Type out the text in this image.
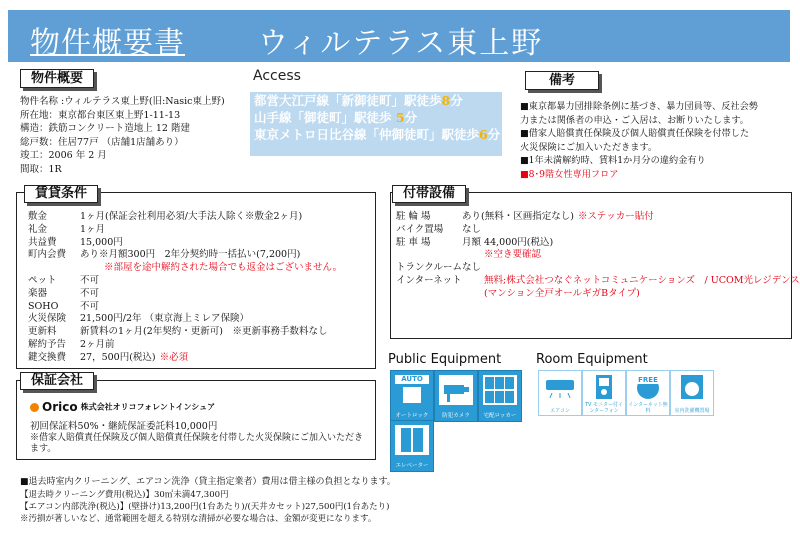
物件概要書 ウィルテラス東上野
物件概要
物件名称 :ウィルテラス東上野(旧:Nasic東上野)
所在地：東京都台東区東上野1-11-13
構造：鉄筋コンクリート造地上 12 階建
総戸数：住居77戸 （店舗1店舗あり）
竣工：2006 年 2 月
間取：1R
Access
都営大江戸線「新御徒町」駅徒歩8分
山手線「御徒町」駅徒歩 5分
東京メトロ日比谷線「仲御徒町」駅徒歩6分
備考
■東京都暴力団排除条例に基づき、暴力団員等、反社会勢
力または関係者の申込・ご入居は、お断りいたします。
■借家人賠償責任保険及び個人賠償責任保険を付帯した
火災保険にご加入いただきます。
■1年未満解約時、賃料1か月分の違約金有り
■8･9階女性専用フロア
賃貸条件
敷金	1ヶ月(保証会社利用必須/大手法人除く※敷金2ヶ月)
礼金	1ヶ月
共益費	15,000円
町内会費	あり※月額300円　2年分契約時一括払い(7,200円)
	※部屋を途中解約された場合でも返金はございません。
ペット	不可
楽器	不可
SOHO	不可
火災保険	21,500円/2年 （東京海上ミレア保険）
更新料	新賃料の1ヶ月(2年契約・更新可)　※更新事務手数料なし
解約予告	2ヶ月前
鍵交換費	27，500円(税込) ※必須
付帯設備
駐 輪 場	あり(無料・区画指定なし) ※ステッカー貼付
バイク置場	なし
駐 車 場	月額 44,000円(税込)
	※空き要確認
トランクルーム	なし
インターネット	無料;株式会社つなぐネットコミュニケーションズ　/ UCOM光レジデンス
	(マンション全戸オールギガBタイプ)
Public Equipment	Room Equipment
AUTO
オートロック	防犯カメラ	宅配ロッカー
エレベーター
エアコン
TV モニター付インターフォン
FREE
インターネット無料	室内洗濯機置場
保証会社
Orico 株式会社オリコフォレントインシュア
初回保証料50%・継続保証委託料10,000円
※借家人賠償責任保険及び個人賠償責任保険を付帯した火災保険にご加入いただきます。
■退去時室内クリーニング、エアコン洗浄（貸主指定業者）費用は借主様の負担となります。
【退去時クリーニング費用(税込)】30㎡未満47,300円
【エアコン内部洗浄(税込)】(壁掛け)13,200円(1台あたり)/(天井カセット)27,500円(1台あたり)
※汚損が著しいなど、通常範囲を超える特別な清掃が必要な場合は、金額が変更になります。
